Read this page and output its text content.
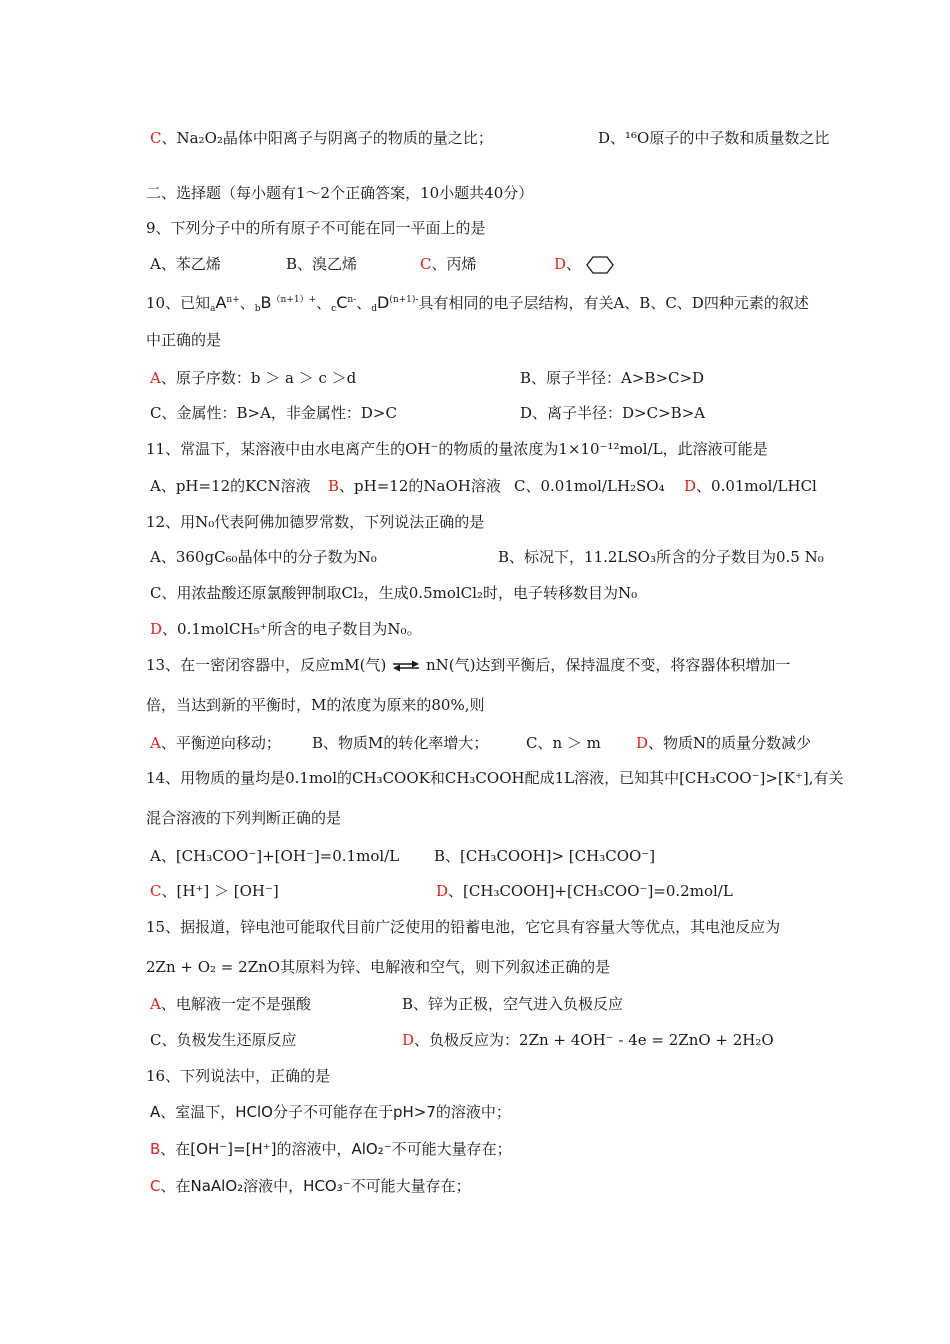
C、Na₂O₂晶体中阳离子与阴离子的物质的量之比；	D、¹⁶O原子的中子数和质量数之比
二、选择题（每小题有1～2个正确答案，10小题共40分）
9、下列分子中的所有原子不可能在同一平面上的是
A、苯乙烯	B、溴乙烯	C、丙烯	D、
10、已知$_aA^{n+}$、$_bB^{(n+1)+}$、$_cC^{n-}$、$_dD^{(n+1)-}$具有相同的电子层结构，有关A、B、C、D四种元素的叙述
中正确的是
A、原子序数：b ＞ a ＞ c ＞d	B、原子半径：A>B>C>D
C、金属性：B>A，非金属性：D>C	D、离子半径：D>C>B>A
11、常温下，某溶液中由水电离产生的OH⁻的物质的量浓度为1×10⁻¹²mol/L，此溶液可能是
A、pH=12的KCN溶液 B、pH=12的NaOH溶液 C、0.01mol/LH₂SO₄ D、0.01mol/LHCl
12、用N₀代表阿佛加德罗常数，下列说法正确的是
A、360gC₆₀晶体中的分子数为N₀	B、标况下，11.2LSO₃所含的分子数目为0.5 N₀
C、用浓盐酸还原氯酸钾制取Cl₂，生成0.5molCl₂时，电子转移数目为N₀
D、0.1molCH₅⁺所含的电子数目为N₀。
13、在一密闭容器中，反应mM(气) ⇌ nN(气)达到平衡后，保持温度不变，将容器体积增加一
倍，当达到新的平衡时，M的浓度为原来的80%,则
A、平衡逆向移动； B、物质M的转化率增大；	C、n ＞ m D、物质N的质量分数减少
14、用物质的量均是0.1mol的CH₃COOK和CH₃COOH配成1L溶液，已知其中[CH₃COO⁻]>[K⁺],有关
混合溶液的下列判断正确的是
A、[CH₃COO⁻]+[OH⁻]=0.1mol/L B、[CH₃COOH]> [CH₃COO⁻]
C、[H⁺] ＞ [OH⁻]	D、[CH₃COOH]+[CH₃COO⁻]=0.2mol/L
15、据报道，锌电池可能取代目前广泛使用的铅蓄电池，它它具有容量大等优点，其电池反应为
2Zn + O₂ = 2ZnO其原料为锌、电解液和空气，则下列叙述正确的是
A、电解液一定不是强酸	B、锌为正极，空气进入负极反应
C、负极发生还原反应	D、负极反应为：2Zn + 4OH⁻ - 4e = 2ZnO + 2H₂O
16、下列说法中，正确的是
A、室温下，HClO分子不可能存在于pH>7的溶液中；
B、在[OH⁻]=[H⁺]的溶液中，AlO₂⁻不可能大量存在；
C、在NaAlO₂溶液中，HCO₃⁻不可能大量存在；
